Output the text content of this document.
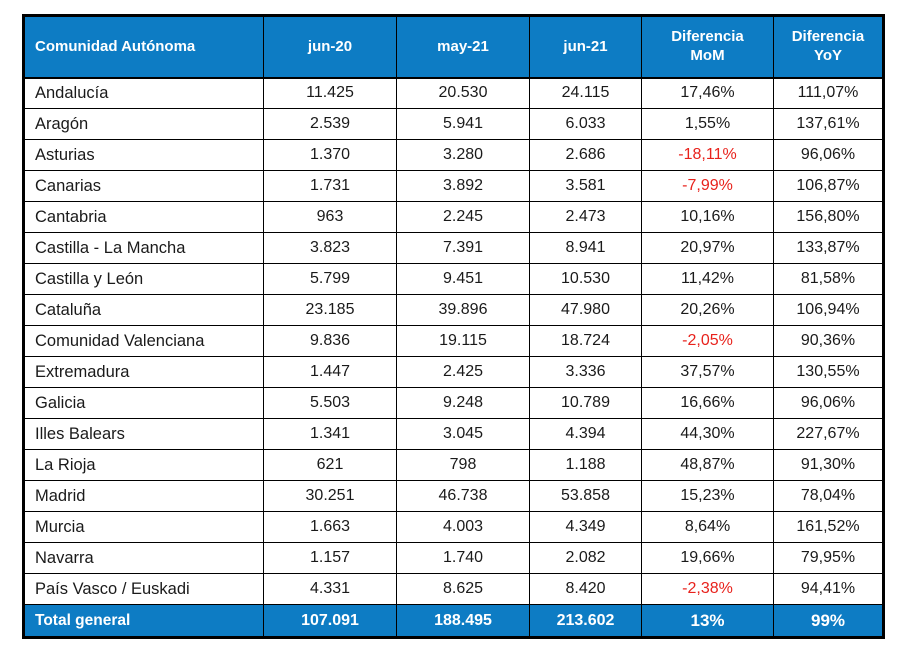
Comunidad Autónoma	jun-20	may-21	jun-21	Diferencia MoM	Diferencia YoY
Andalucía	11.425	20.530	24.115	17,46%	111,07%
Aragón	2.539	5.941	6.033	1,55%	137,61%
Asturias	1.370	3.280	2.686	-18,11%	96,06%
Canarias	1.731	3.892	3.581	-7,99%	106,87%
Cantabria	963	2.245	2.473	10,16%	156,80%
Castilla - La Mancha	3.823	7.391	8.941	20,97%	133,87%
Castilla y León	5.799	9.451	10.530	11,42%	81,58%
Cataluña	23.185	39.896	47.980	20,26%	106,94%
Comunidad Valenciana	9.836	19.115	18.724	-2,05%	90,36%
Extremadura	1.447	2.425	3.336	37,57%	130,55%
Galicia	5.503	9.248	10.789	16,66%	96,06%
Illes Balears	1.341	3.045	4.394	44,30%	227,67%
La Rioja	621	798	1.188	48,87%	91,30%
Madrid	30.251	46.738	53.858	15,23%	78,04%
Murcia	1.663	4.003	4.349	8,64%	161,52%
Navarra	1.157	1.740	2.082	19,66%	79,95%
País Vasco / Euskadi	4.331	8.625	8.420	-2,38%	94,41%
Total general	107.091	188.495	213.602	13%	99%
